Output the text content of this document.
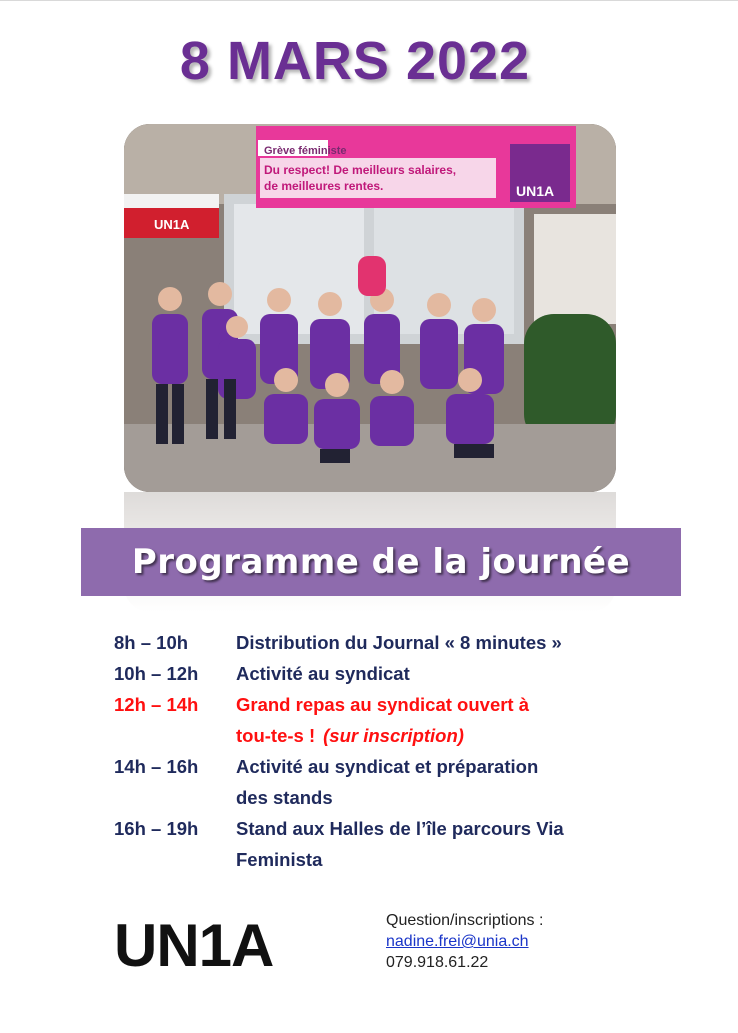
8 MARS 2022
UN1A
Grève féministe
Du respect! De meilleurs salaires,
de meilleures rentes.	UN1A
Programme de la journée
8h – 10h	Distribution du Journal « 8 minutes »
10h – 12h	Activité au syndicat
12h – 14h	Grand repas au syndicat ouvert à
tou-te-s ! (sur inscription)
14h – 16h	Activité au syndicat et préparation
des stands
16h – 19h	Stand aux Halles de l’île parcours Via
Feminista
UN1A	Question/inscriptions :
nadine.frei@unia.ch
079.918.61.22
